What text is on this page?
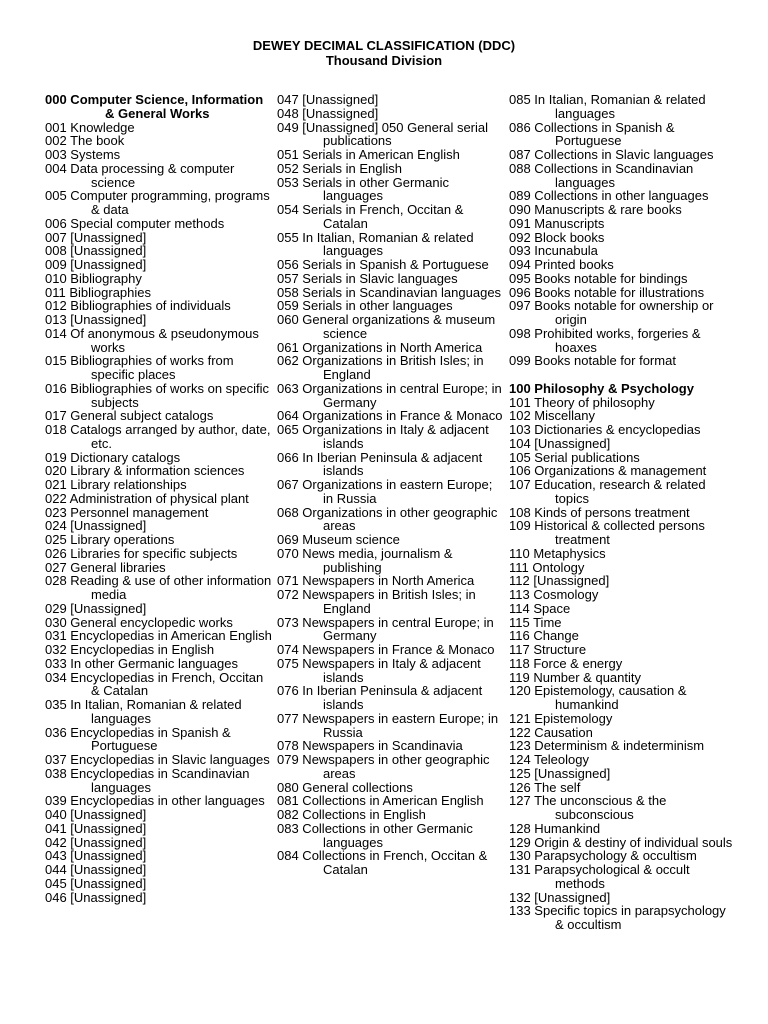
DEWEY DECIMAL CLASSIFICATION (DDC)
Thousand Division
000 Computer Science, Information & General Works
001 Knowledge
002 The book
003 Systems
004 Data processing & computer science
005 Computer programming, programs & data
006 Special computer methods
007 [Unassigned]
008 [Unassigned]
009 [Unassigned]
010 Bibliography
011 Bibliographies
012 Bibliographies of individuals
013 [Unassigned]
014 Of anonymous & pseudonymous works
015 Bibliographies of works from specific places
016 Bibliographies of works on specific subjects
017 General subject catalogs
018 Catalogs arranged by author, date, etc.
019 Dictionary catalogs
020 Library & information sciences
021 Library relationships
022 Administration of physical plant
023 Personnel management
024 [Unassigned]
025 Library operations
026 Libraries for specific subjects
027 General libraries
028 Reading & use of other information media
029 [Unassigned]
030 General encyclopedic works
031 Encyclopedias in American English
032 Encyclopedias in English
033 In other Germanic languages
034 Encyclopedias in French, Occitan & Catalan
035 In Italian, Romanian & related languages
036 Encyclopedias in Spanish & Portuguese
037 Encyclopedias in Slavic languages
038 Encyclopedias in Scandinavian languages
039 Encyclopedias in other languages
040 [Unassigned]
041 [Unassigned]
042 [Unassigned]
043 [Unassigned]
044 [Unassigned]
045 [Unassigned]
046 [Unassigned]
047 [Unassigned]
048 [Unassigned]
049 [Unassigned] 050 General serial publications
051 Serials in American English
052 Serials in English
053 Serials in other Germanic languages
054 Serials in French, Occitan & Catalan
055 In Italian, Romanian & related languages
056 Serials in Spanish & Portuguese
057 Serials in Slavic languages
058 Serials in Scandinavian languages
059 Serials in other languages
060 General organizations & museum science
061 Organizations in North America
062 Organizations in British Isles; in England
063 Organizations in central Europe; in Germany
064 Organizations in France & Monaco
065 Organizations in Italy & adjacent islands
066 In Iberian Peninsula & adjacent islands
067 Organizations in eastern Europe; in Russia
068 Organizations in other geographic areas
069 Museum science
070 News media, journalism & publishing
071 Newspapers in North America
072 Newspapers in British Isles; in England
073 Newspapers in central Europe; in Germany
074 Newspapers in France & Monaco
075 Newspapers in Italy & adjacent islands
076 In Iberian Peninsula & adjacent islands
077 Newspapers in eastern Europe; in Russia
078 Newspapers in Scandinavia
079 Newspapers in other geographic areas
080 General collections
081 Collections in American English
082 Collections in English
083 Collections in other Germanic languages
084 Collections in French, Occitan & Catalan
085 In Italian, Romanian & related languages
086 Collections in Spanish & Portuguese
087 Collections in Slavic languages
088 Collections in Scandinavian languages
089 Collections in other languages
090 Manuscripts & rare books
091 Manuscripts
092 Block books
093 Incunabula
094 Printed books
095 Books notable for bindings
096 Books notable for illustrations
097 Books notable for ownership or origin
098 Prohibited works, forgeries & hoaxes
099 Books notable for format
100 Philosophy & Psychology
101 Theory of philosophy
102 Miscellany
103 Dictionaries & encyclopedias
104 [Unassigned]
105 Serial publications
106 Organizations & management
107 Education, research & related topics
108 Kinds of persons treatment
109 Historical & collected persons treatment
110 Metaphysics
111 Ontology
112 [Unassigned]
113 Cosmology
114 Space
115 Time
116 Change
117 Structure
118 Force & energy
119 Number & quantity
120 Epistemology, causation & humankind
121 Epistemology
122 Causation
123 Determinism & indeterminism
124 Teleology
125 [Unassigned]
126 The self
127 The unconscious & the subconscious
128 Humankind
129 Origin & destiny of individual souls
130 Parapsychology & occultism
131 Parapsychological & occult methods
132 [Unassigned]
133 Specific topics in parapsychology & occultism
